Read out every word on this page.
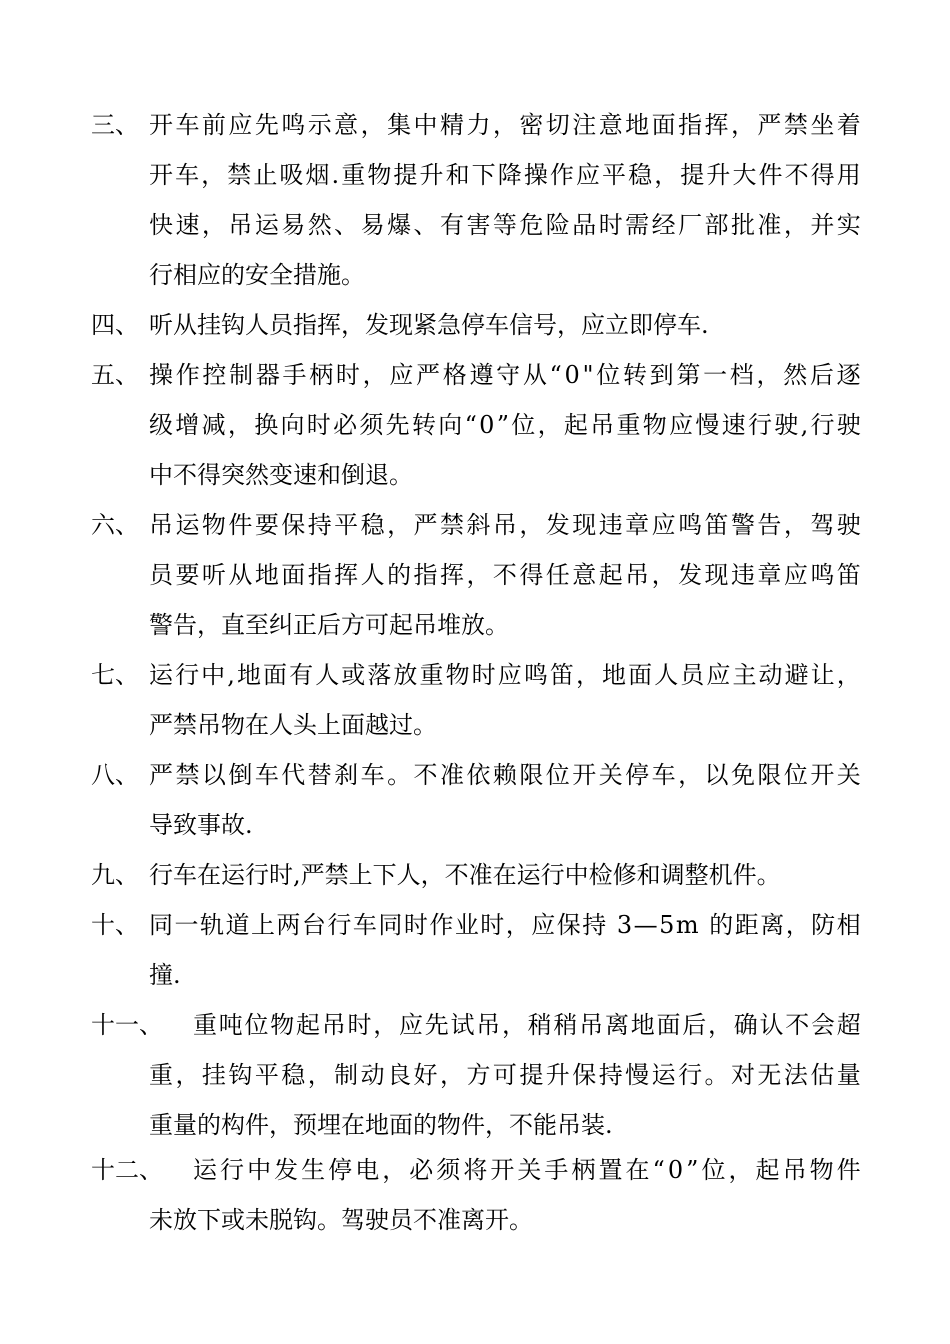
三、 开 车 前 应 先 鸣 示 意 ， 集 中 精 力 ， 密 切 注 意 地 面 指 挥 ， 严 禁 坐 着
开 车 ， 禁 止 吸 烟 . 重 物 提 升 和 下 降 操 作 应 平 稳 ， 提 升 大 件 不 得 用
快 速 ， 吊 运 易 然 、 易 爆 、 有 害 等 危 险 品 时 需 经 厂 部 批 准 ， 并 实
行相应的安全措施。
四、 听从挂钩人员指挥，发现紧急停车信号，应立即停车.
五、 操 作 控 制 器 手 柄 时 ， 应 严 格 遵 守 从 “ 0 " 位 转 到 第 一 档 ， 然 后 逐
级 增 减 ， 换 向 时 必 须 先 转 向 “ 0 ” 位 ， 起 吊 重 物 应 慢 速 行 驶 , 行 驶
中不得突然变速和倒退。
六、 吊 运 物 件 要 保 持 平 稳 ， 严 禁 斜 吊 ， 发 现 违 章 应 鸣 笛 警 告 ， 驾 驶
员 要 听 从 地 面 指 挥 人 的 指 挥 ， 不 得 任 意 起 吊 ， 发 现 违 章 应 鸣 笛
警告，直至纠正后方可起吊堆放。
七、 运 行 中 , 地 面 有 人 或 落 放 重 物 时 应 鸣 笛 ， 地 面 人 员 应 主 动 避 让 ，
严禁吊物在人头上面越过。
八、 严 禁 以 倒 车 代 替 刹 车 。 不 准 依 赖 限 位 开 关 停 车 ， 以 免 限 位 开 关
导致事故.
九、 行车在运行时,严禁上下人，不准在运行中检修和调整机件。
十、 同 一 轨 道 上 两 台 行 车 同 时 作 业 时 ， 应 保 持
3 — 5 m
的 距 离 ， 防 相
撞.
十一、 重 吨 位 物 起 吊 时 ， 应 先 试 吊 ， 稍 稍 吊 离 地 面 后 ， 确 认 不 会 超
重 ， 挂 钩 平 稳 ， 制 动 良 好 ， 方 可 提 升 保 持 慢 运 行 。 对 无 法 估 量
重量的构件，预埋在地面的物件，不能吊装.
十二、 运 行 中 发 生 停 电 ， 必 须 将 开 关 手 柄 置 在 “ 0 ” 位 ， 起 吊 物 件
未放下或未脱钩。驾驶员不准离开。
